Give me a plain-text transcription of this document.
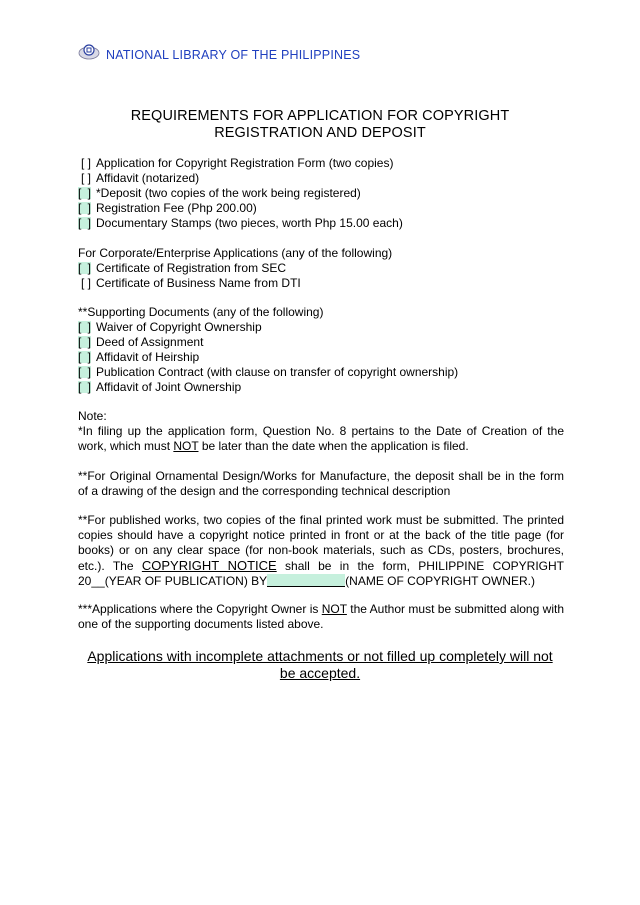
NATIONAL LIBRARY OF THE PHILIPPINES
REQUIREMENTS FOR APPLICATION FOR COPYRIGHT
REGISTRATION AND DEPOSIT
[ ] Application for Copyright Registration Form (two copies)
[ ] Affidavit (notarized)
[ ] *Deposit (two copies of the work being registered)
[ ] Registration Fee (Php 200.00)
[ ] Documentary Stamps (two pieces, worth Php 15.00 each)
For Corporate/Enterprise Applications (any of the following)
[ ] Certificate of Registration from SEC
[ ] Certificate of Business Name from DTI
**Supporting Documents (any of the following)
[ ] Waiver of Copyright Ownership
[ ] Deed of Assignment
[ ] Affidavit of Heirship
[ ] Publication Contract (with clause on transfer of copyright ownership)
[ ] Affidavit of Joint Ownership
Note:
*In filing up the application form, Question No. 8 pertains to the Date of Creation of the work, which must NOT be later than the date when the application is filed.
**For Original Ornamental Design/Works for Manufacture, the deposit shall be in the form of a drawing of the design and the corresponding technical description
**For published works, two copies of the final printed work must be submitted. The printed copies should have a copyright notice printed in front or at the back of the title page (for books) or on any clear space (for non-book materials, such as CDs, posters, brochures, etc.). The COPYRIGHT NOTICE shall be in the form, PHILIPPINE COPYRIGHT 20__(YEAR OF PUBLICATION) BY	(NAME OF COPYRIGHT OWNER.)
***Applications where the Copyright Owner is NOT the Author must be submitted along with one of the supporting documents listed above.
Applications with incomplete attachments or not filled up completely will not be accepted.
